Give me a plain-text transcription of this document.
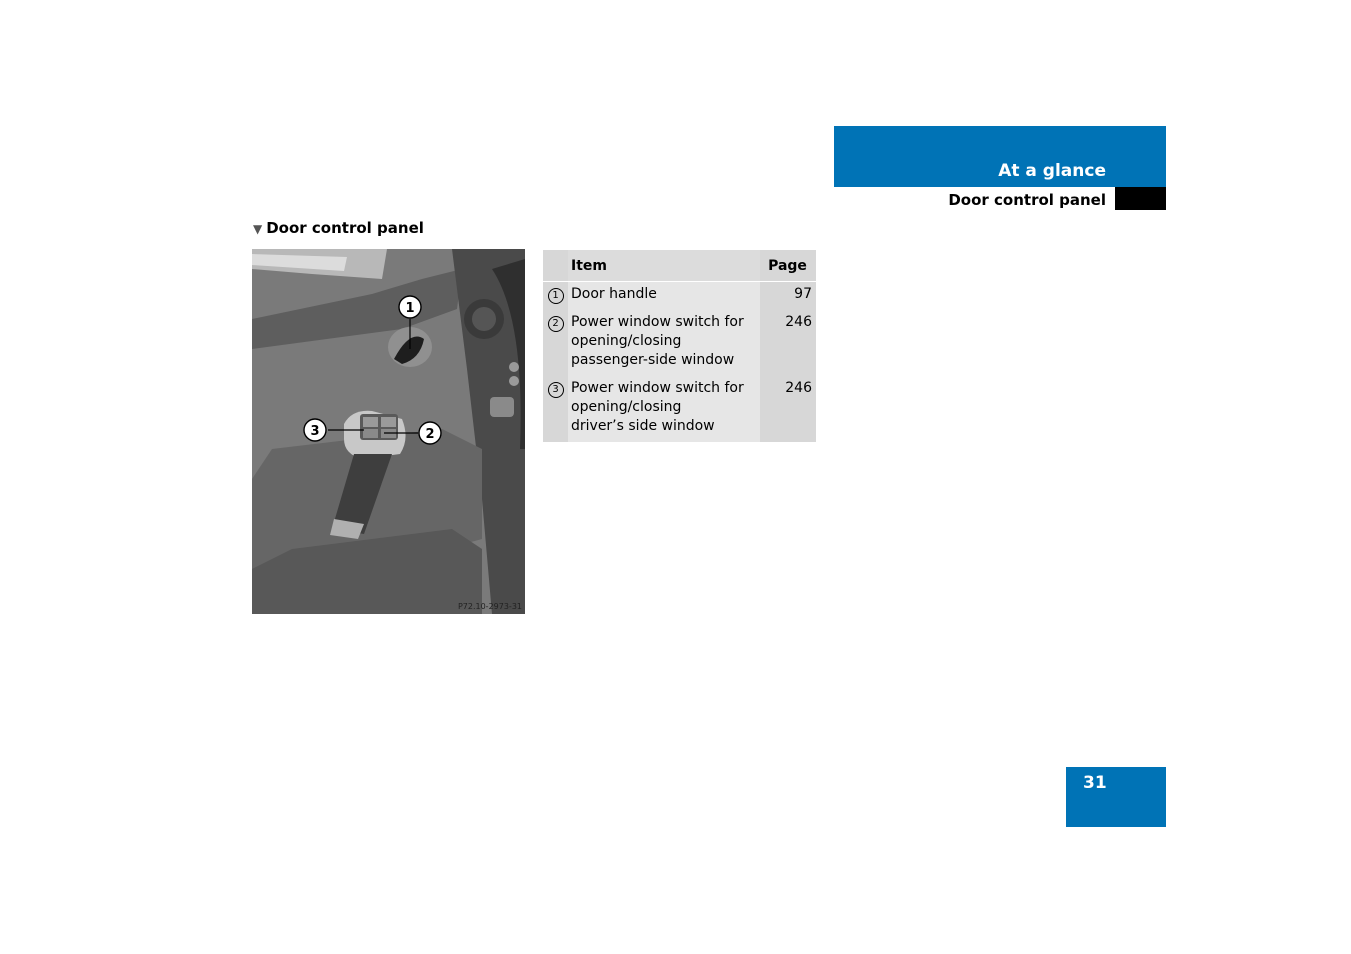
At a glance
Door control panel
▼ Door control panel
1
3	2
P72.10-2973-31
	Item	Page
1	Door handle	97
2	Power window switch for
opening/closing
passenger-side window	246
3	Power window switch for
opening/closing
driver’s side window	246
31
